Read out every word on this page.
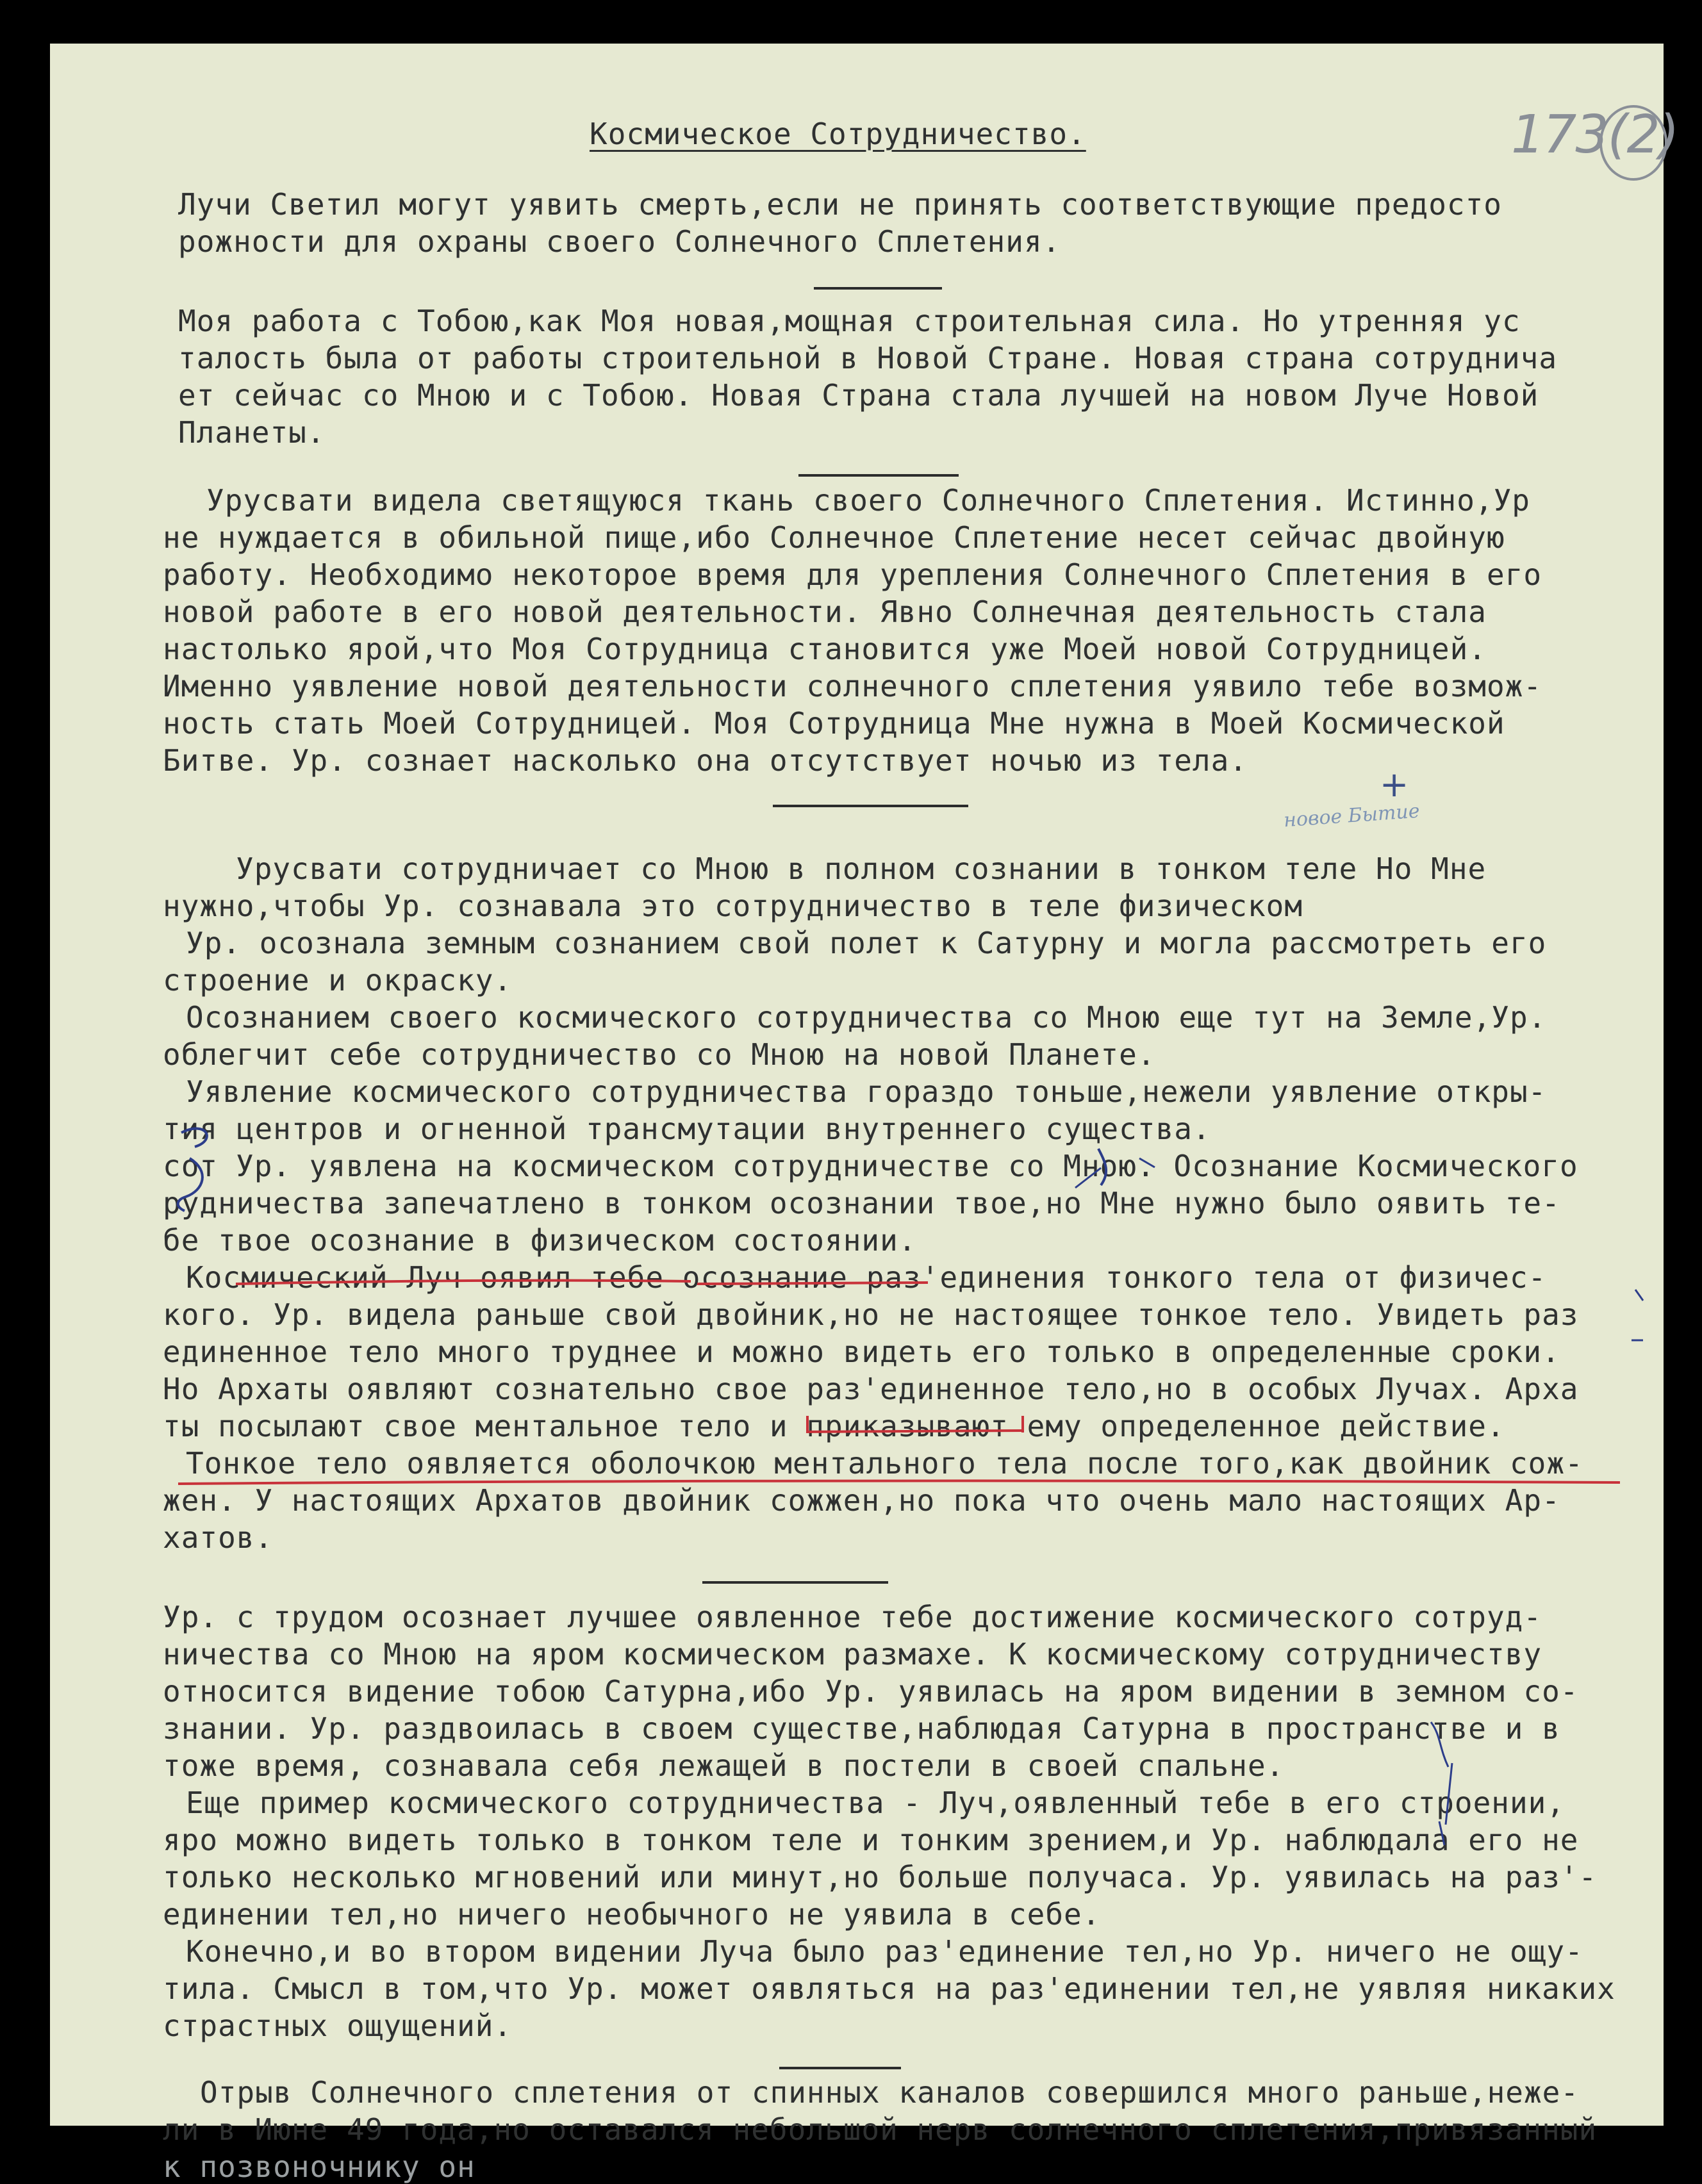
173(2)
Космическое Сотрудничество.
Лучи Светил могут уявить смерть,если не принять соответствующие предосто
рожности для охраны своего Солнечного Сплетения.
Моя работа с Тобою,как Моя новая,мощная строительная сила. Но утренняя ус
талость была от работы строительной в Новой Стране. Новая страна сотруднича
ет сейчас со Мною и с Тобою. Новая Страна стала лучшей на новом Луче Новой
Планеты.
Урусвати видела светящуюся ткань своего Солнечного Сплетения. Истинно,Ур
не нуждается в обильной пище,ибо Солнечное Сплетение несет сейчас двойную
работу. Необходимо некоторое время для урепления Солнечного Сплетения в его
новой работе в его новой деятельности. Явно Солнечная деятельность стала
настолько ярой,что Моя Сотрудница становится уже Моей новой Сотрудницей.
Именно уявление новой деятельности солнечного сплетения уявило тебе возмож-
ность стать Моей Сотрудницей. Моя Сотрудница Мне нужна в Моей Космической
Битве. Ур. сознает насколько она отсутствует ночью из тела.
+
новое Бытие
Урусвати сотрудничает со Мною в полном сознании в тонком теле Но Мне
нужно,чтобы Ур. сознавала это сотрудничество в теле физическом
Ур. осознала земным сознанием свой полет к Сатурну и могла рассмотреть его
строение и окраску.
Осознанием своего космического сотрудничества со Мною еще тут на Земле,Ур.
облегчит себе сотрудничество со Мною на новой Планете.
Уявление космического сотрудничества гораздо тоньше,нежели уявление откры-
тия центров и огненной трансмутации внутреннего существа.
Ур. уявлена на космическом сотрудничестве со Мною. Осознание Космического
сот
рудничества запечатлено в тонком осознании твое,но Мне нужно было оявить те-
бе твое осознание в физическом состоянии.
Космический Луч оявил тебе осознание раз'единения тонкого тела от физичес-
кого. Ур. видела раньше свой двойник,но не настоящее тонкое тело. Увидеть раз
единенное тело много труднее и можно видеть его только в определенные сроки.
Но Архаты оявляют сознательно свое раз'единенное тело,но в особых Лучах. Арха
ты посылают свое ментальное тело и приказывают ему определенное действие.
Тонкое тело оявляется оболочкою ментального тела после того,как двойник сож-
жен. У настоящих Архатов двойник сожжен,но пока что очень мало настоящих Ар-
хатов.
Ур. с трудом осознает лучшее оявленное тебе достижение космического сотруд-
ничества со Мною на яром космическом размахе. К космическому сотрудничеству
относится видение тобою Сатурна,ибо Ур. уявилась на яром видении в земном со-
знании. Ур. раздвоилась в своем существе,наблюдая Сатурна в пространстве и в
тоже время, сознавала себя лежащей в постели в своей спальне.
Еще пример космического сотрудничества - Луч,оявленный тебе в его строении,
яро можно видеть только в тонком теле и тонким зрением,и Ур. наблюдала его не
только несколько мгновений или минут,но больше получаса. Ур. уявилась на раз'-
единении тел,но ничего необычного не уявила в себе.
Конечно,и во втором видении Луча было раз'единение тел,но Ур. ничего не ощу-
тила. Смысл в том,что Ур. может оявляться на раз'единении тел,не уявляя никаких
страстных ощущений.
Отрыв Солнечного сплетения от спинных каналов совершился много раньше,неже-
ли в Июне 49 года,но оставался небольшой нерв солнечного сплетения,привязанный
к позвоночнику он
